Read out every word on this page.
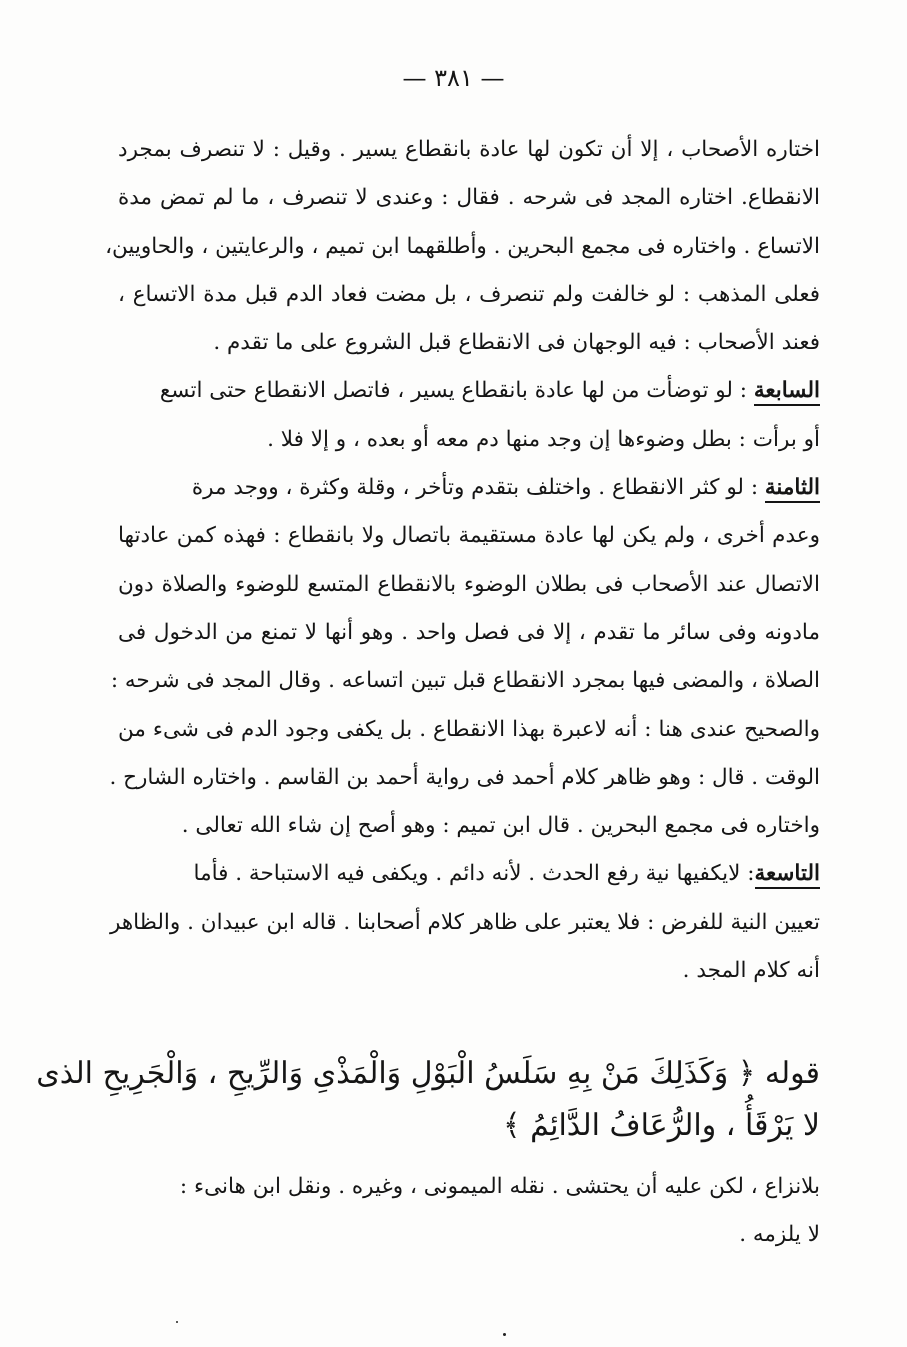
— ٣٨١ —
اختاره الأصحاب ، إلا أن تكون لها عادة بانقطاع يسير . وقيل : لا تنصرف بمجرد
الانقطاع. اختاره المجد فى شرحه . فقال : وعندى لا تنصرف ، ما لم تمض مدة
الاتساع . واختاره فى مجمع البحرين . وأطلقهما ابن تميم ، والرعايتين ، والحاويين،
فعلى المذهب : لو خالفت ولم تنصرف ، بل مضت فعاد الدم قبل مدة الاتساع ،
فعند الأصحاب : فيه الوجهان فى الانقطاع قبل الشروع على ما تقدم .
السابعة : لو توضأت من لها عادة بانقطاع يسير ، فاتصل الانقطاع حتى اتسع
أو برأت : بطل وضوءها إن وجد منها دم معه أو بعده ، و إلا فلا .
الثامنة : لو كثر الانقطاع . واختلف بتقدم وتأخر ، وقلة وكثرة ، ووجد مرة
وعدم أخرى ، ولم يكن لها عادة مستقيمة باتصال ولا بانقطاع : فهذه كمن عادتها
الاتصال عند الأصحاب فى بطلان الوضوء بالانقطاع المتسع للوضوء والصلاة دون
مادونه وفى سائر ما تقدم ، إلا فى فصل واحد . وهو أنها لا تمنع من الدخول فى
الصلاة ، والمضى فيها بمجرد الانقطاع قبل تبين اتساعه . وقال المجد فى شرحه :
والصحيح عندى هنا : أنه لاعبرة بهذا الانقطاع . بل يكفى وجود الدم فى شىء من
الوقت . قال : وهو ظاهر كلام أحمد فى رواية أحمد بن القاسم . واختاره الشارح .
واختاره فى مجمع البحرين . قال ابن تميم : وهو أصح إن شاء الله تعالى .
التاسعة: لايكفيها نية رفع الحدث . لأنه دائم . ويكفى فيه الاستباحة . فأما
تعيين النية للفرض : فلا يعتبر على ظاهر كلام أصحابنا . قاله ابن عبيدان . والظاهر
أنه كلام المجد .
قوله ﴿ وَكَذَلِكَ مَنْ بِهِ سَلَسُ الْبَوْلِ وَالْمَذْىِ وَالرِّيحِ ، وَالْجَرِيحِ الذى
لا يَرْقَأُ ، والرُّعَافُ الدَّائِمُ ﴾
بلانزاع ، لكن عليه أن يحتشى . نقله الميمونى ، وغيره . ونقل ابن هانىء :
لا يلزمه .
